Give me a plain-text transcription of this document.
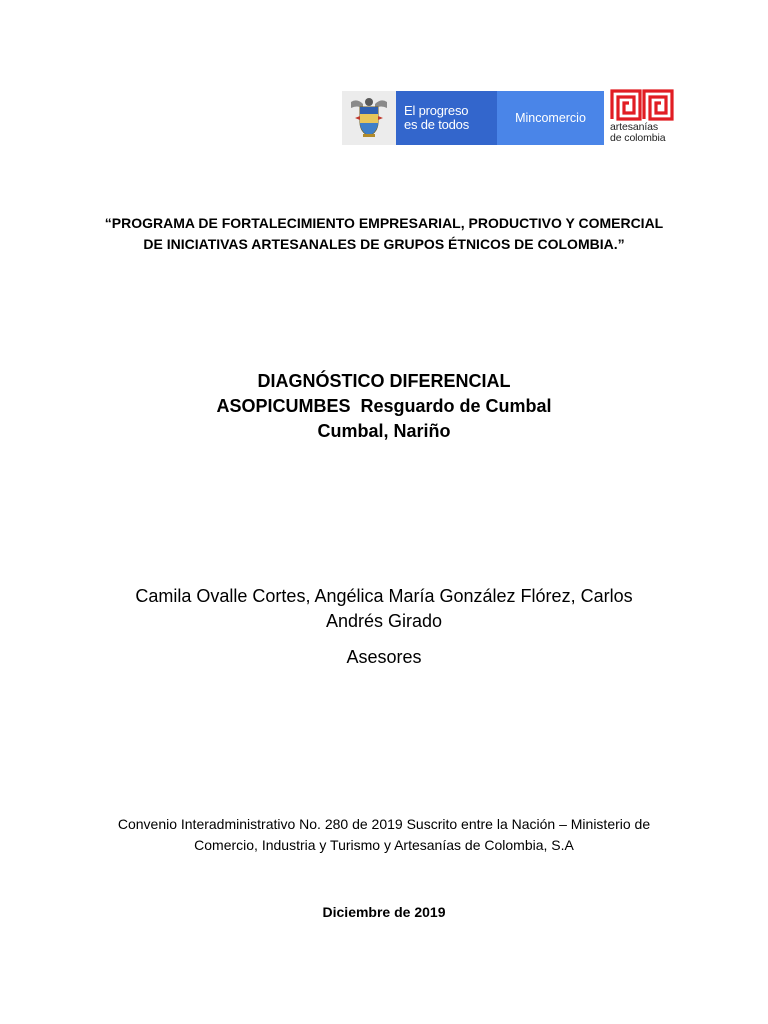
El progreso
es de todos	Mincomercio
artesanías
de colombia
“PROGRAMA DE FORTALECIMIENTO EMPRESARIAL, PRODUCTIVO Y COMERCIAL
DE INICIATIVAS ARTESANALES DE GRUPOS ÉTNICOS DE COLOMBIA.”
DIAGNÓSTICO DIFERENCIAL
ASOPICUMBES  Resguardo de Cumbal
Cumbal, Nariño
Camila Ovalle Cortes, Angélica María González Flórez, Carlos
Andrés Girado
Asesores
Convenio Interadministrativo No. 280 de 2019 Suscrito entre la Nación – Ministerio de
Comercio, Industria y Turismo y Artesanías de Colombia, S.A
Diciembre de 2019
